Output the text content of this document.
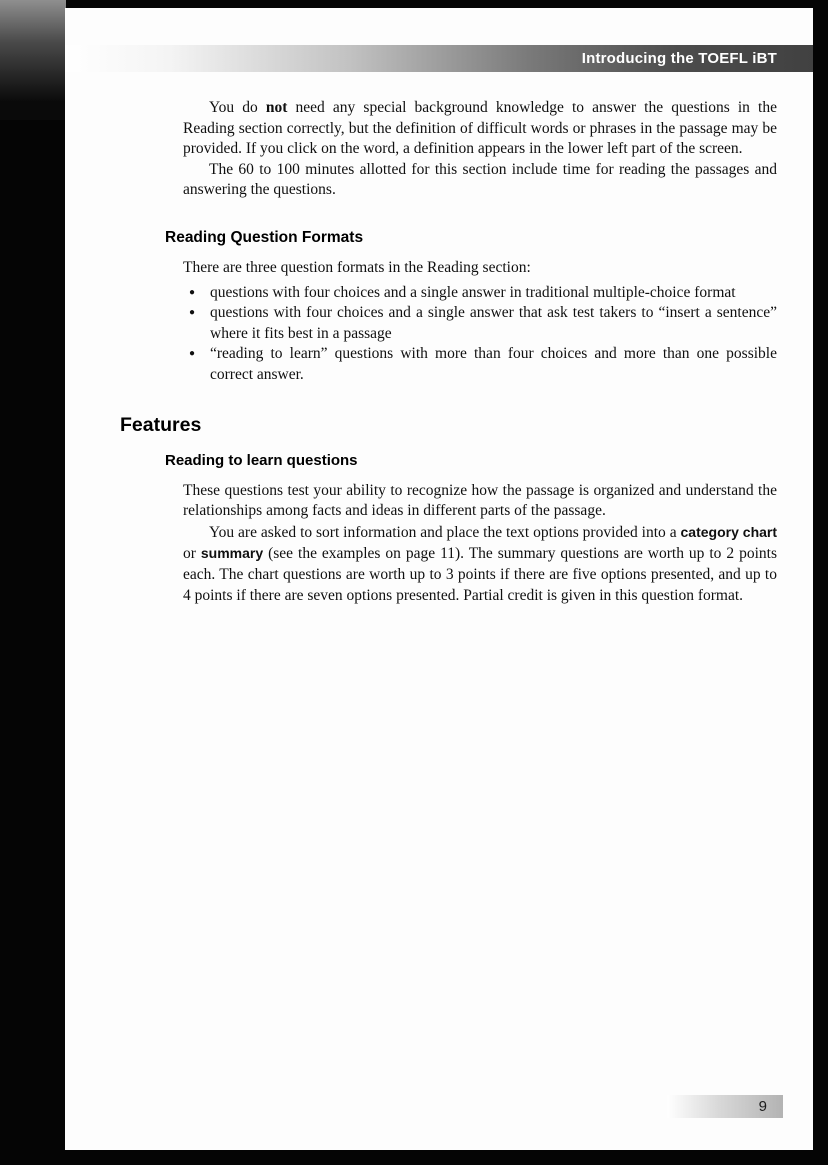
Introducing the TOEFL iBT

You do not need any special background knowledge to answer the questions in the Reading section correctly, but the definition of difficult words or phrases in the passage may be provided. If you click on the word, a definition appears in the lower left part of the screen.

The 60 to 100 minutes allotted for this section include time for reading the passages and answering the questions.

Reading Question Formats

There are three question formats in the Reading section:

● questions with four choices and a single answer in traditional multiple-choice format
● questions with four choices and a single answer that ask test takers to “insert a sentence” where it fits best in a passage
● “reading to learn” questions with more than four choices and more than one possible correct answer.
Features
Reading to learn questions

These questions test your ability to recognize how the passage is organized and understand the relationships among facts and ideas in different parts of the passage.

You are asked to sort information and place the text options provided into a category chart or summary (see the examples on page 11). The summary questions are worth up to 2 points each. The chart questions are worth up to 3 points if there are five options presented, and up to 4 points if there are seven options presented. Partial credit is given in this question format.

9
